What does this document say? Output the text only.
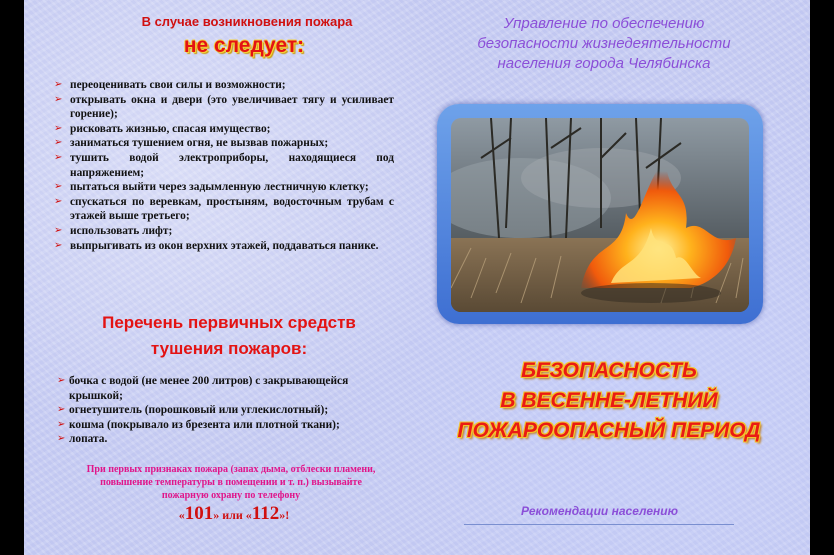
В случае возникновения пожара
не следует:
➢ переоценивать свои силы и возможности;
➢ открывать окна и двери (это увеличивает тягу и усиливает горение);
➢ рисковать жизнью, спасая имущество;
➢ заниматься тушением огня, не вызвав пожарных;
➢ тушить водой электроприборы, находящиеся под напряжением;
➢ пытаться выйти через задымленную лестничную клетку;
➢ спускаться по веревкам, простыням, водосточным трубам с этажей выше третьего;
➢ использовать лифт;
➢ выпрыгивать из окон верхних этажей, поддаваться панике.
Перечень первичных средств
тушения пожаров:
➢ бочка с водой (не менее 200 литров) с закрывающейся крышкой;
➢ огнетушитель (порошковый или углекислотный);
➢ кошма (покрывало из брезента или плотной ткани);
➢ лопата.
При первых признаках пожара (запах дыма, отблески пламени, повышение температуры в помещении и т. п.) вызывайте пожарную охрану по телефону
«101» или «112»!
Управление по обеспечению
безопасности жизнедеятельности
населения города Челябинска
БЕЗОПАСНОСТЬ
В ВЕСЕННЕ-ЛЕТНИЙ
ПОЖАРООПАСНЫЙ ПЕРИОД
Рекомендации населению
